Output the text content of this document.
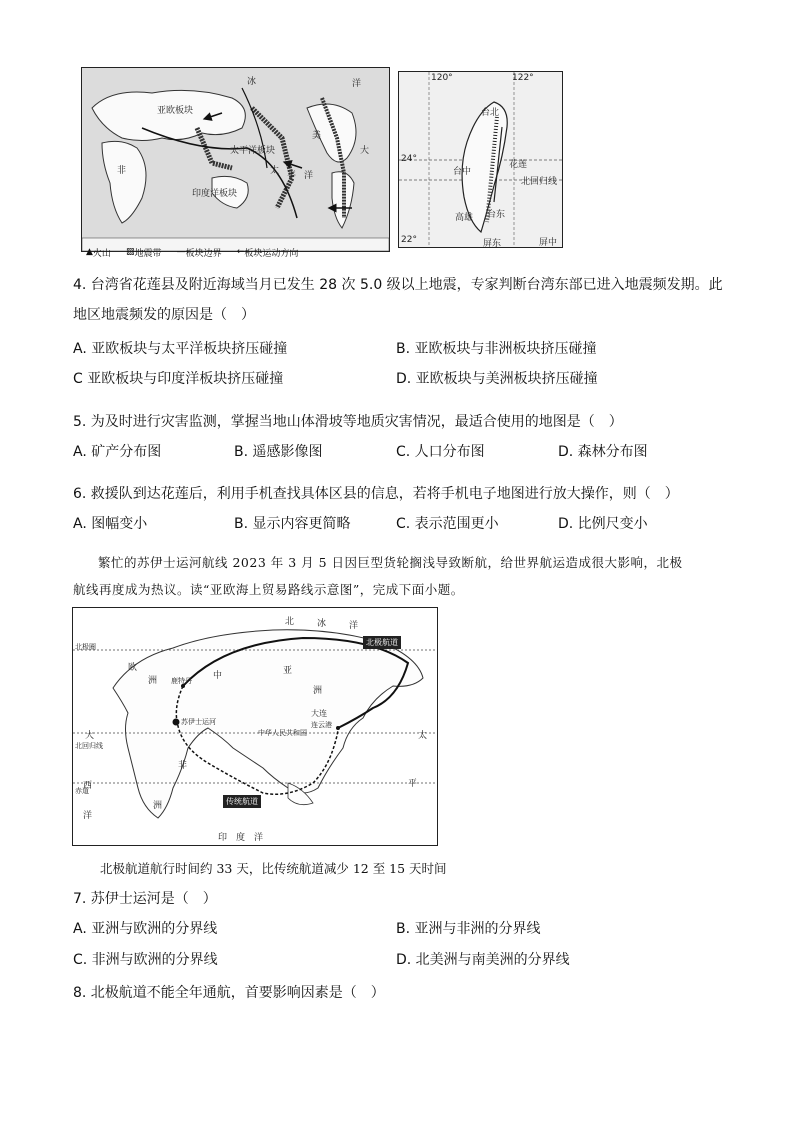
亚欧板块
冰	洋
美
大
太平洋板块
太 平 洋
非
印度洋板块
▲ 火山 ▨ 地震带 — 板块边界 ← 板块运动方向
120°	122°
24°
台北
台中
花莲
北回归线
台东
高雄
屏东
22°	屏中
4. 台湾省花莲县及附近海域当月已发生 28 次 5.0 级以上地震，专家判断台湾东部已进入地震频发期。此
地区地震频发的原因是（　）
A. 亚欧板块与太平洋板块挤压碰撞	B. 亚欧板块与非洲板块挤压碰撞
C 亚欧板块与印度洋板块挤压碰撞	D. 亚欧板块与美洲板块挤压碰撞
5. 为及时进行灾害监测，掌握当地山体滑坡等地质灾害情况，最适合使用的地图是（　）
A. 矿产分布图	B. 遥感影像图	C. 人口分布图	D. 森林分布图
6. 救援队到达花莲后，利用手机查找具体区县的信息，若将手机电子地图进行放大操作，则（　）
A. 图幅变小	B. 显示内容更简略	C. 表示范围更小	D. 比例尺变小
繁忙的苏伊士运河航线 2023 年 3 月 5 日因巨型货轮搁浅导致断航，给世界航运造成很大影响，北极
航线再度成为热议。读“亚欧海上贸易路线示意图”，完成下面小题。
北	冰	洋
北极航道
北极圈
欧
洲
亚
中
洲
鹿特丹
大连
连云港
中华人民共和国
苏伊士运河
北回归线
大
非
洲
太
平
西
赤道
洋
传统航道
印　度　洋
北极航道航行时间约 33 天，比传统航道减少 12 至 15 天时间
7. 苏伊士运河是（　）
A. 亚洲与欧洲的分界线	B. 亚洲与非洲的分界线
C. 非洲与欧洲的分界线	D. 北美洲与南美洲的分界线
8. 北极航道不能全年通航，首要影响因素是（　）
